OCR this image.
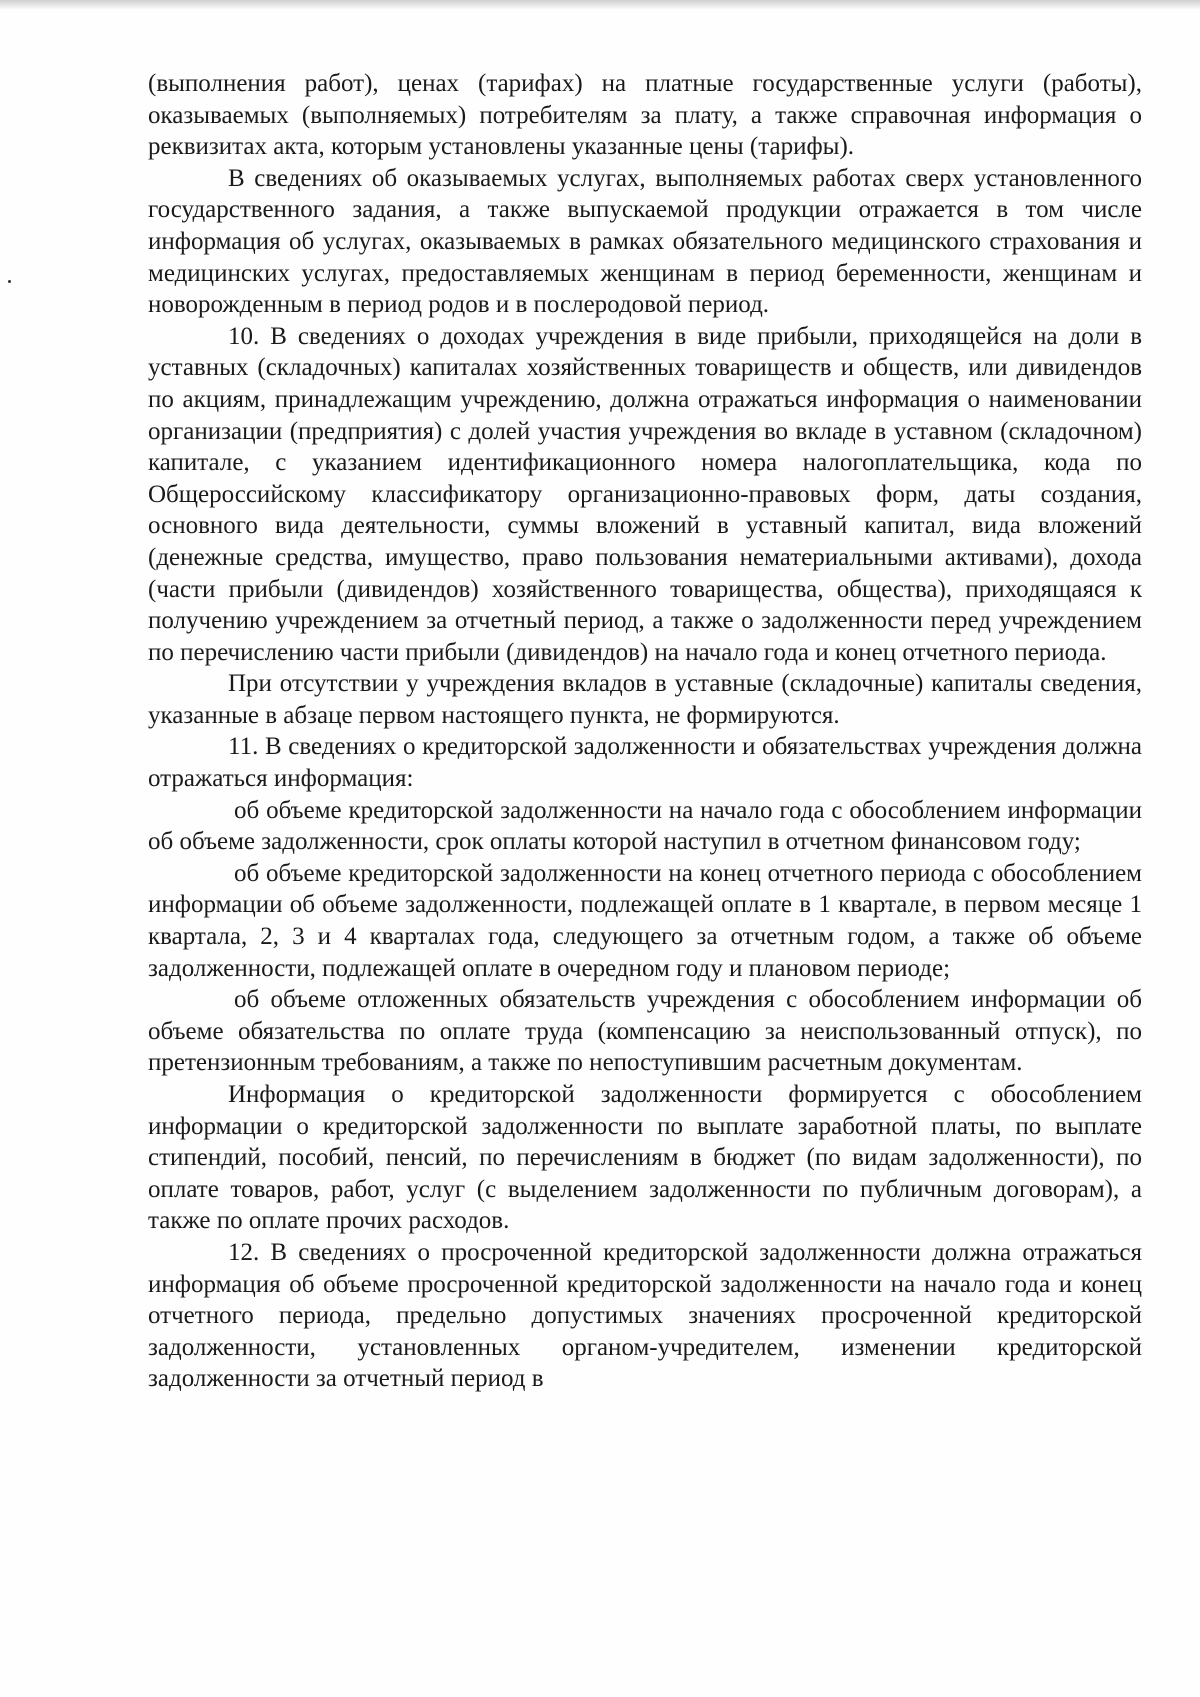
(выполнения работ), ценах (тарифах) на платные государственные услуги (работы), оказываемых (выполняемых) потребителям за плату, а также справочная информация о реквизитах акта, которым установлены указанные цены (тарифы).

В сведениях об оказываемых услугах, выполняемых работах сверх установленного государственного задания, а также выпускаемой продукции отражается в том числе информация об услугах, оказываемых в рамках обязательного медицинского страхования и медицинских услугах, предоставляемых женщинам в период беременности, женщинам и новорожденным в период родов и в послеродовой период.

10. В сведениях о доходах учреждения в виде прибыли, приходящейся на доли в уставных (складочных) капиталах хозяйственных товариществ и обществ, или дивидендов по акциям, принадлежащим учреждению, должна отражаться информация о наименовании организации (предприятия) с долей участия учреждения во вкладе в уставном (складочном) капитале, с указанием идентификационного номера налогоплательщика, кода по Общероссийскому классификатору организационно-правовых форм, даты создания, основного вида деятельности, суммы вложений в уставный капитал, вида вложений (денежные средства, имущество, право пользования нематериальными активами), дохода (части прибыли (дивидендов) хозяйственного товарищества, общества), приходящаяся к получению учреждением за отчетный период, а также о задолженности перед учреждением по перечислению части прибыли (дивидендов) на начало года и конец отчетного периода.

При отсутствии у учреждения вкладов в уставные (складочные) капиталы сведения, указанные в абзаце первом настоящего пункта, не формируются.

11. В сведениях о кредиторской задолженности и обязательствах учреждения должна отражаться информация:

об объеме кредиторской задолженности на начало года с обособлением информации об объеме задолженности, срок оплаты которой наступил в отчетном финансовом году;

об объеме кредиторской задолженности на конец отчетного периода с обособлением информации об объеме задолженности, подлежащей оплате в 1 квартале, в первом месяце 1 квартала, 2, 3 и 4 кварталах года, следующего за отчетным годом, а также об объеме задолженности, подлежащей оплате в очередном году и плановом периоде;

об объеме отложенных обязательств учреждения с обособлением информации об объеме обязательства по оплате труда (компенсацию за неиспользованный отпуск), по претензионным требованиям, а также по непоступившим расчетным документам.

Информация о кредиторской задолженности формируется с обособлением информации о кредиторской задолженности по выплате заработной платы, по выплате стипендий, пособий, пенсий, по перечислениям в бюджет (по видам задолженности), по оплате товаров, работ, услуг (с выделением задолженности по публичным договорам), а также по оплате прочих расходов.

12. В сведениях о просроченной кредиторской задолженности должна отражаться информация об объеме просроченной кредиторской задолженности на начало года и конец отчетного периода, предельно допустимых значениях просроченной кредиторской задолженности, установленных органом-учредителем, изменении кредиторской задолженности за отчетный период в
